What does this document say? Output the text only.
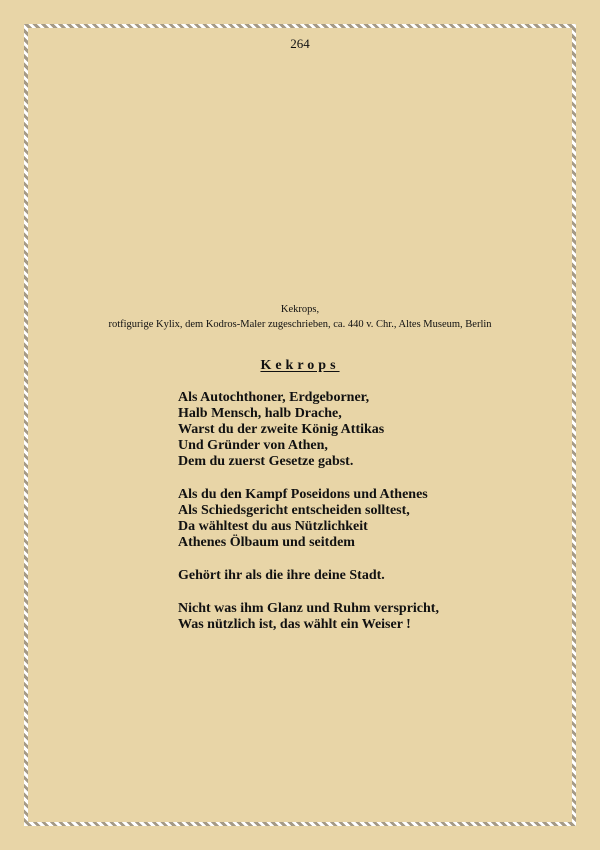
264
Kekrops,
rotfigurige Kylix, dem Kodros-Maler zugeschrieben, ca. 440 v. Chr., Altes Museum, Berlin
Kekrops
Als Autochthoner, Erdgeborner,
Halb Mensch, halb Drache,
Warst du der zweite König Attikas
Und Gründer von Athen,
Dem du zuerst Gesetze gabst.
Als du den Kampf Poseidons und Athenes
Als Schiedsgericht entscheiden solltest,
Da wähltest du aus Nützlichkeit
Athenes Ölbaum und seitdem
Gehört ihr als die ihre deine Stadt.
Nicht was ihm Glanz und Ruhm verspricht,
Was nützlich ist, das wählt ein Weiser !
